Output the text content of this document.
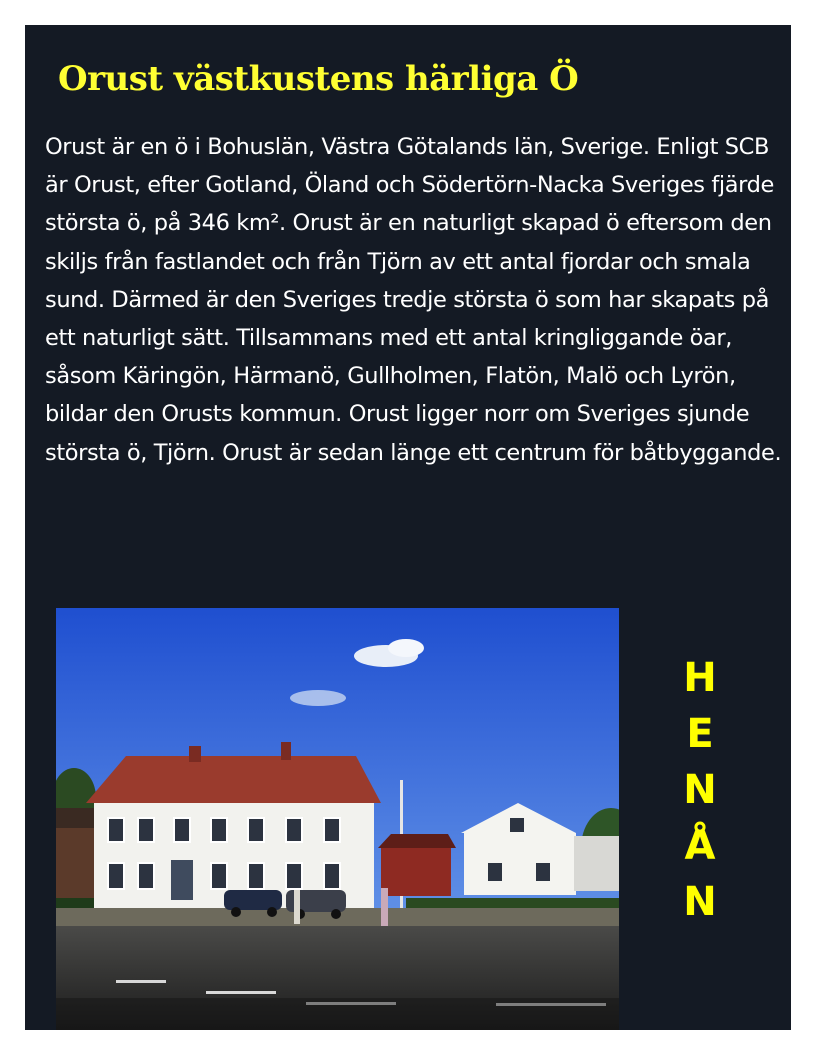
Orust västkustens härliga Ö

Orust är en ö i Bohuslän, Västra Götalands län, Sverige. Enligt SCB är Orust, efter Gotland, Öland och Södertörn-Nacka Sveriges fjärde största ö, på 346 km². Orust är en naturligt skapad ö eftersom den skiljs från fastlandet och från Tjörn av ett antal fjordar och smala sund. Därmed är den Sveriges tredje största ö som har skapats på ett naturligt sätt. Tillsammans med ett antal kringliggande öar, såsom Käringön, Härmanö, Gullholmen, Flatön, Malö och Lyrön, bildar den Orusts kommun. Orust ligger norr om Sveriges sjunde största ö, Tjörn. Orust är sedan länge ett centrum för båtbyggande.

H
E
N
Å
N
